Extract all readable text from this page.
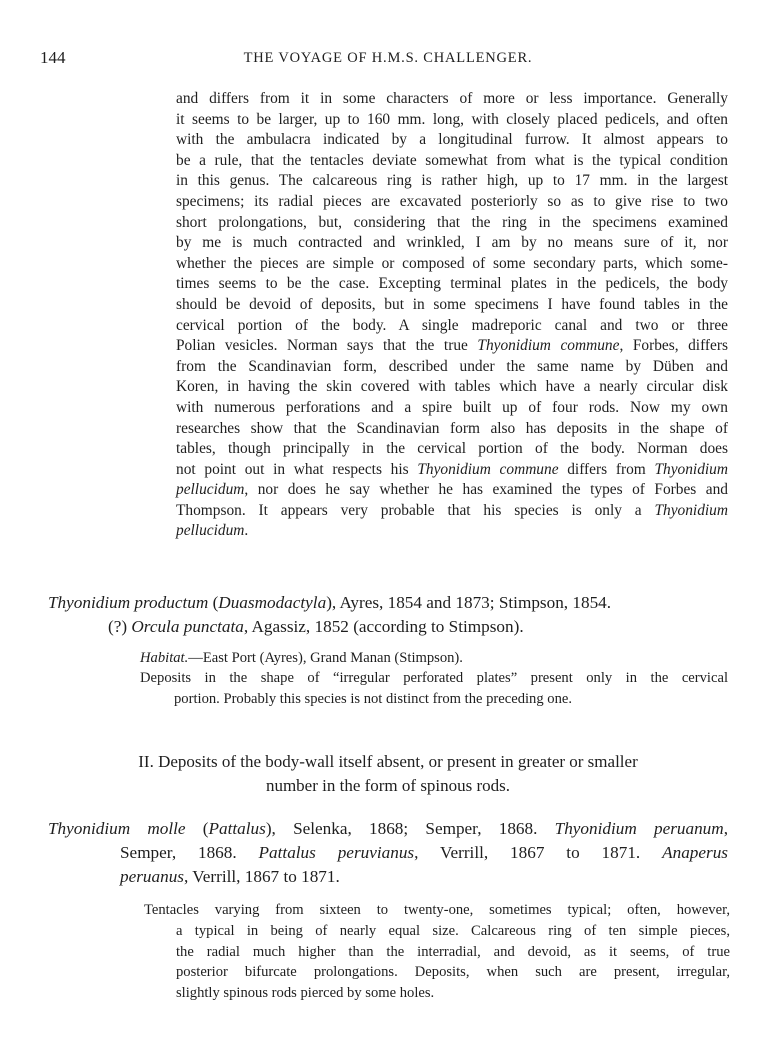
144	THE VOYAGE OF H.M.S. CHALLENGER.
and differs from it in some characters of more or less importance. Generally
it seems to be larger, up to 160 mm. long, with closely placed pedicels, and often
with the ambulacra indicated by a longitudinal furrow. It almost appears to
be a rule, that the tentacles deviate somewhat from what is the typical condition
in this genus. The calcareous ring is rather high, up to 17 mm. in the largest
specimens; its radial pieces are excavated posteriorly so as to give rise to two
short prolongations, but, considering that the ring in the specimens examined
by me is much contracted and wrinkled, I am by no means sure of it, nor
whether the pieces are simple or composed of some secondary parts, which some-
times seems to be the case. Excepting terminal plates in the pedicels, the body
should be devoid of deposits, but in some specimens I have found tables in the
cervical portion of the body. A single madreporic canal and two or three
Polian vesicles. Norman says that the true Thyonidium commune, Forbes, differs
from the Scandinavian form, described under the same name by Düben and
Koren, in having the skin covered with tables which have a nearly circular disk
with numerous perforations and a spire built up of four rods. Now my own
researches show that the Scandinavian form also has deposits in the shape of
tables, though principally in the cervical portion of the body. Norman does
not point out in what respects his Thyonidium commune differs from Thyonidium
pellucidum, nor does he say whether he has examined the types of Forbes and
Thompson. It appears very probable that his species is only a Thyonidium
pellucidum.
Thyonidium productum (Duasmodactyla), Ayres, 1854 and 1873; Stimpson, 1854.
(?) Orcula punctata, Agassiz, 1852 (according to Stimpson).
Habitat.—East Port (Ayres), Grand Manan (Stimpson).
Deposits in the shape of “irregular perforated plates” present only in the cervical
portion. Probably this species is not distinct from the preceding one.
II. Deposits of the body-wall itself absent, or present in greater or smaller
number in the form of spinous rods.
Thyonidium molle (Pattalus), Selenka, 1868; Semper, 1868. Thyonidium peruanum,
Semper, 1868. Pattalus peruvianus, Verrill, 1867 to 1871. Anaperus
peruanus, Verrill, 1867 to 1871.
Tentacles varying from sixteen to twenty-one, sometimes typical; often, however,
a typical in being of nearly equal size. Calcareous ring of ten simple pieces,
the radial much higher than the interradial, and devoid, as it seems, of true
posterior bifurcate prolongations. Deposits, when such are present, irregular,
slightly spinous rods pierced by some holes.
